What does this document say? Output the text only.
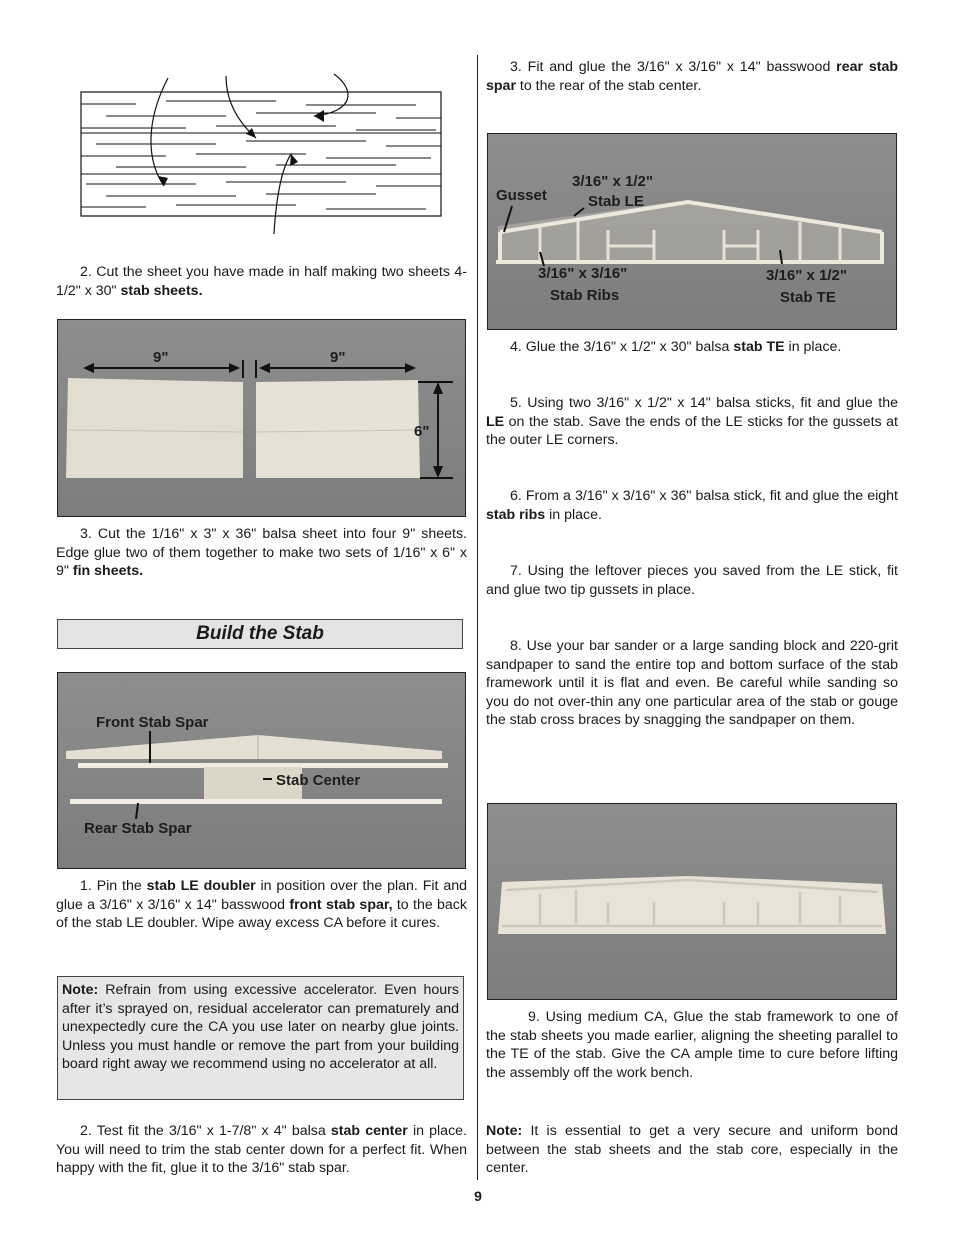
2. Cut the sheet you have made in half making two sheets 4-1/2" x 30" stab sheets.

9"	9"
6"

3. Cut the 1/16" x 3" x 36" balsa sheet into four 9" sheets. Edge glue two of them together to make two sets of 1/16" x 6" x 9" fin sheets.

Build the Stab
Front Stab Spar
Stab Center
Rear Stab Spar

1. Pin the stab LE doubler in position over the plan. Fit and glue a 3/16" x 3/16" x 14" basswood front stab spar, to the back of the stab LE doubler. Wipe away excess CA before it cures.

Note: Refrain from using excessive accelerator. Even hours after it’s sprayed on, residual accelerator can prematurely and unexpectedly cure the CA you use later on nearby glue joints. Unless you must handle or remove the part from your building board right away we recommend using no accelerator at all.

2. Test fit the 3/16" x 1-7/8" x 4" balsa stab center in place. You will need to trim the stab center down for a perfect fit. When happy with the fit, glue it to the 3/16" stab spar.

3. Fit and glue the 3/16" x 3/16" x 14" basswood rear stab spar to the rear of the stab center.

Gusset
3/16" x 1/2"
Stab LE
3/16" x 3/16"
Stab Ribs
3/16" x 1/2"
Stab TE

4. Glue the 3/16" x 1/2" x 30" balsa stab TE in place.

5. Using two 3/16" x 1/2" x 14" balsa sticks, fit and glue the LE on the stab. Save the ends of the LE sticks for the gussets at the outer LE corners.

6. From a 3/16" x 3/16" x 36" balsa stick, fit and glue the eight stab ribs in place.

7. Using the leftover pieces you saved from the LE stick, fit and glue two tip gussets in place.

8. Use your bar sander or a large sanding block and 220-grit sandpaper to sand the entire top and bottom surface of the stab framework until it is flat and even. Be careful while sanding so you do not over-thin any one particular area of the stab or gouge the stab cross braces by snagging the sandpaper on them.

9. Using medium CA, Glue the stab framework to one of the stab sheets you made earlier, aligning the sheeting parallel to the TE of the stab. Give the CA ample time to cure before lifting the assembly off the work bench.

Note: It is essential to get a very secure and uniform bond between the stab sheets and the stab core, especially in the center.

9
